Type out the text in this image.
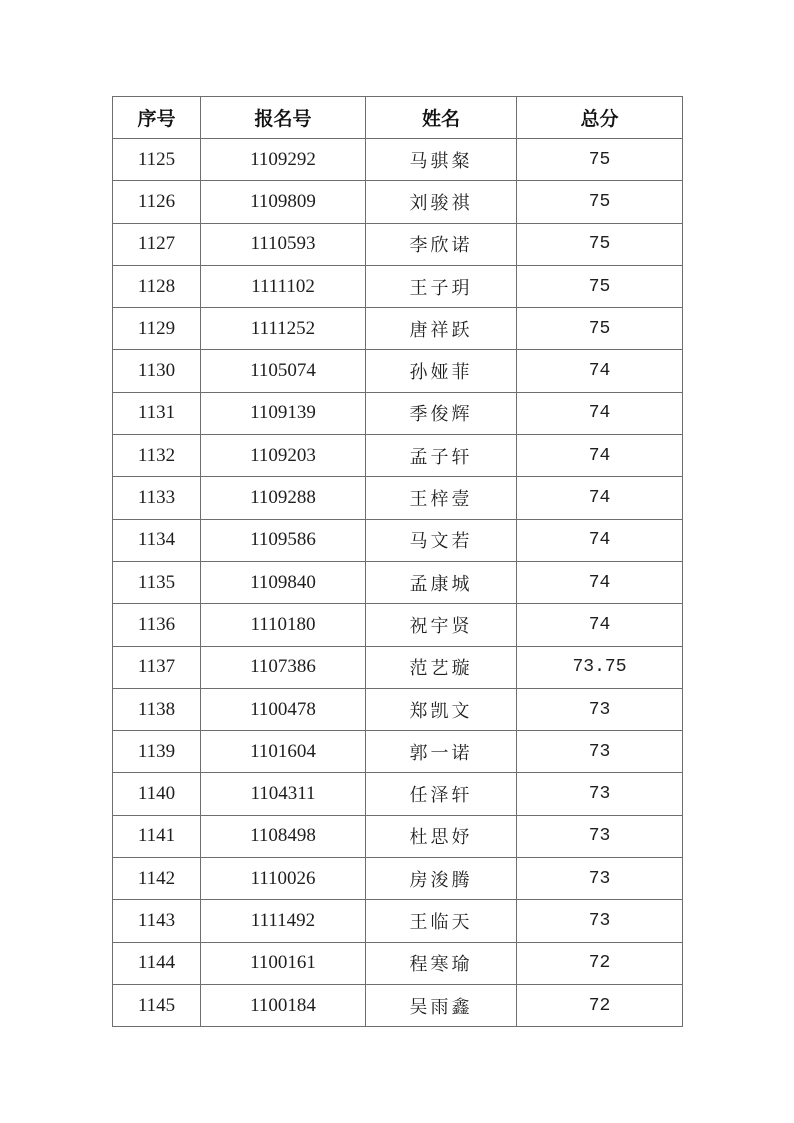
序号	报名号	姓名	总分
1125	1109292	马骐粲	75
1126	1109809	刘骏祺	75
1127	1110593	李欣诺	75
1128	1111102	王子玥	75
1129	1111252	唐祥跃	75
1130	1105074	孙娅菲	74
1131	1109139	季俊辉	74
1132	1109203	孟子轩	74
1133	1109288	王梓壹	74
1134	1109586	马文若	74
1135	1109840	孟康城	74
1136	1110180	祝宇贤	74
1137	1107386	范艺璇	73.75
1138	1100478	郑凯文	73
1139	1101604	郭一诺	73
1140	1104311	任泽轩	73
1141	1108498	杜思妤	73
1142	1110026	房浚腾	73
1143	1111492	王临天	73
1144	1100161	程寒瑜	72
1145	1100184	吴雨鑫	72
